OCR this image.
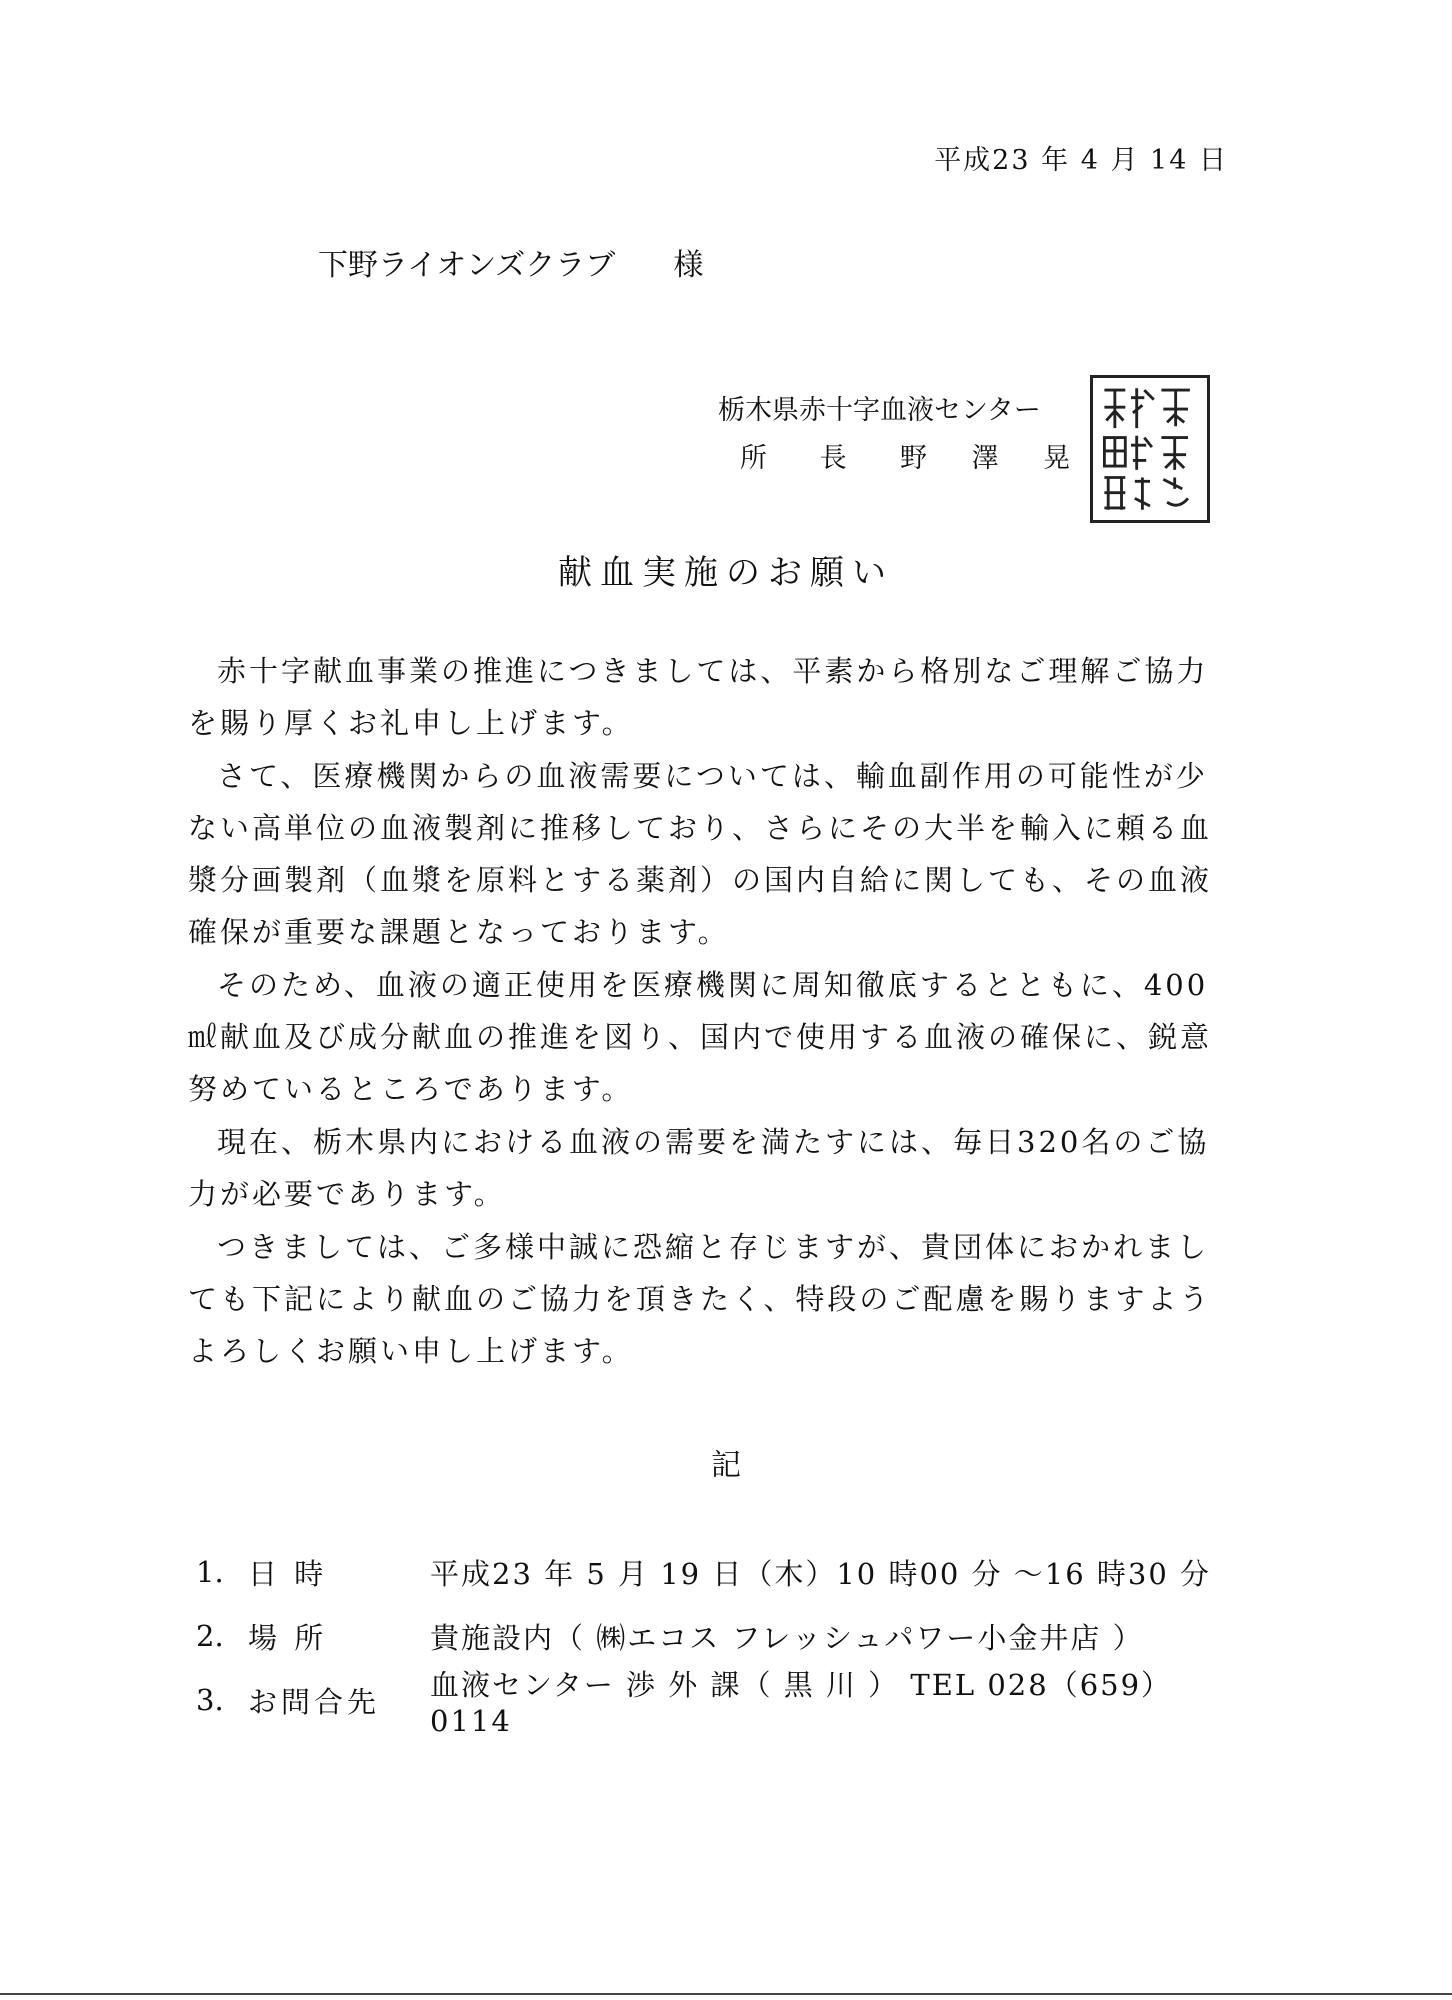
平成23 年 4 月 14 日
下野ライオンズクラブ 様
栃木県赤十字血液センター
所 長 野 澤 晃
献血実施のお願い

赤十字献血事業の推進につきましては、平素から格別なご理解ご協力を賜り厚くお礼申し上げます。

さて、医療機関からの血液需要については、輸血副作用の可能性が少ない高単位の血液製剤に推移しており、さらにその大半を輸入に頼る血漿分画製剤（血漿を原料とする薬剤）の国内自給に関しても、その血液確保が重要な課題となっております。

そのため、血液の適正使用を医療機関に周知徹底するとともに、400㎖献血及び成分献血の推進を図り、国内で使用する血液の確保に、鋭意努めているところであります。

現在、栃木県内における血液の需要を満たすには、毎日320名のご協力が必要であります。

つきましては、ご多様中誠に恐縮と存じますが、貴団体におかれましても下記により献血のご協力を頂きたく、特段のご配慮を賜りますようよろしくお願い申し上げます。

記
1. 日 時	平成23 年 5 月 19 日（木）10 時00 分 ～16 時30 分
2. 場 所	貴施設内（ ㈱エコス フレッシュパワー小金井店 ）
3. お問合先	血液センター 渉 外 課（ 黒 川 ） TEL 028（659）0114
